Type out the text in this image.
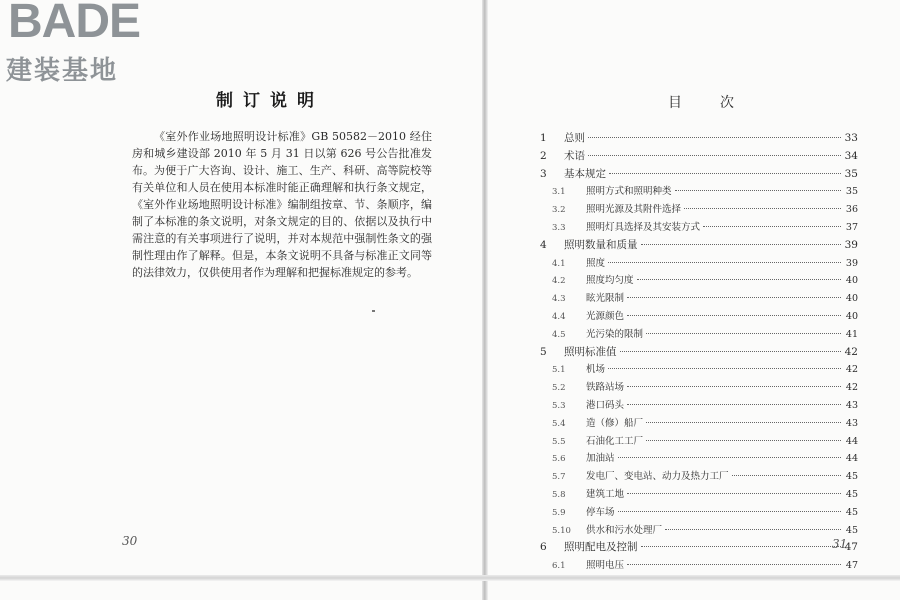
BADE
建装基地
制订说明

《室外作业场地照明设计标准》GB 50582－2010 经住房和城乡建设部 2010 年 5 月 31 日以第 626 号公告批准发布。 为便于广大咨询、设计、施工、生产、科研、高等院校等有关单位和人员在使用本标准时能正确理解和执行条文规定，《室外作业场地照明设计标准》编制组按章、节、条顺序，编制了本标准的条文说明，对条文规定的目的、依据以及执行中需注意的有关事项进行了说明，并对本规范中强制性条文的强制性理由作了解释。但是，本条文说明不具备与标准正文同等的法律效力，仅供使用者作为理解和把握标准规定的参考。

30
目次
1	总则	33
2	术语	34
3	基本规定	35
3.1	照明方式和照明种类	35
3.2	照明光源及其附件选择	36
3.3	照明灯具选择及其安装方式	37
4	照明数量和质量	39
4.1	照度	39
4.2	照度均匀度	40
4.3	眩光限制	40
4.4	光源颜色	40
4.5	光污染的限制	41
5	照明标准值	42
5.1	机场	42
5.2	铁路站场	42
5.3	港口码头	43
5.4	造（修）船厂	43
5.5	石油化工工厂	44
5.6	加油站	44
5.7	发电厂、变电站、动力及热力工厂	45
5.8	建筑工地	45
5.9	停车场	45
5.10	供水和污水处理厂	45
6	照明配电及控制	47
6.1	照明电压	47
31
